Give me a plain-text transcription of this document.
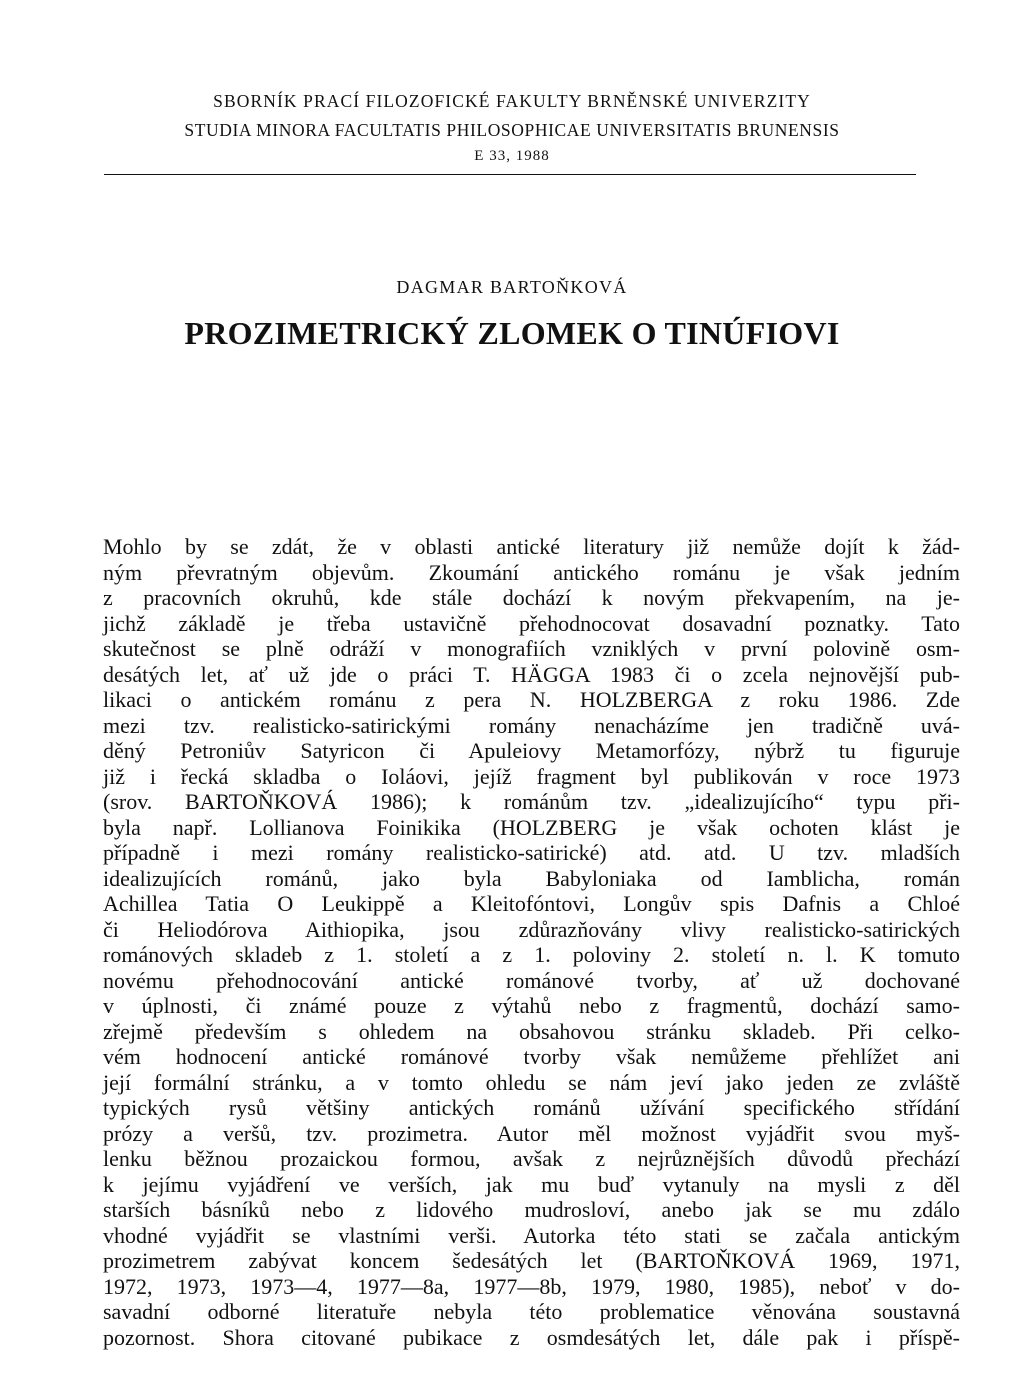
SBORNÍK PRACÍ FILOZOFICKÉ FAKULTY BRNĚNSKÉ UNIVERZITY
STUDIA MINORA FACULTATIS PHILOSOPHICAE UNIVERSITATIS BRUNENSIS
E 33, 1988
DAGMAR BARTOŇKOVÁ
PROZIMETRICKÝ ZLOMEK O TINÚFIOVI

Mohlo by se zdát, že v oblasti antické literatury již nemůže dojít k žád-
ným převratným objevům. Zkoumání antického románu je však jedním
z pracovních okruhů, kde stále dochází k novým překvapením, na je-
jichž základě je třeba ustavičně přehodnocovat dosavadní poznatky. Tato
skutečnost se plně odráží v monografiích vzniklých v první polovině osm-
desátých let, ať už jde o práci T. HÄGGA 1983 či o zcela nejnovější pub-
likaci o antickém románu z pera N. HOLZBERGA z roku 1986. Zde
mezi tzv. realisticko-satirickými romány nenacházíme jen tradičně uvá-
děný Petroniův Satyricon či Apuleiovy Metamorfózy, nýbrž tu figuruje
již i řecká skladba o Ioláovi, jejíž fragment byl publikován v roce 1973
(srov. BARTOŇKOVÁ 1986); k románům tzv. „idealizujícího“ typu při-
byla např. Lollianova Foinikika (HOLZBERG je však ochoten klást je
případně i mezi romány realisticko-satirické) atd. atd. U tzv. mladších
idealizujících románů, jako byla Babyloniaka od Iamblicha, román
Achillea Tatia O Leukippě a Kleitofóntovi, Longův spis Dafnis a Chloé
či Heliodórova Aithiopika, jsou zdůrazňovány vlivy realisticko-satirických
románových skladeb z 1. století a z 1. poloviny 2. století n. l. K tomuto
novému přehodnocování antické románové tvorby, ať už dochované
v úplnosti, či známé pouze z výtahů nebo z fragmentů, dochází samo-
zřejmě především s ohledem na obsahovou stránku skladeb. Při celko-
vém hodnocení antické románové tvorby však nemůžeme přehlížet ani
její formální stránku, a v tomto ohledu se nám jeví jako jeden ze zvláště
typických rysů většiny antických románů užívání specifického střídání
prózy a veršů, tzv. prozimetra. Autor měl možnost vyjádřit svou myš-
lenku běžnou prozaickou formou, avšak z nejrůznějších důvodů přechází
k jejímu vyjádření ve verších, jak mu buď vytanuly na mysli z děl
starších básníků nebo z lidového mudrosloví, anebo jak se mu zdálo
vhodné vyjádřit se vlastními verši. Autorka této stati se začala antickým
prozimetrem zabývat koncem šedesátých let (BARTOŇKOVÁ 1969, 1971,
1972, 1973, 1973—4, 1977—8a, 1977—8b, 1979, 1980, 1985), neboť v do-
savadní odborné literatuře nebyla této problematice věnována soustavná
pozornost. Shora citované pubikace z osmdesátých let, dále pak i příspě-
